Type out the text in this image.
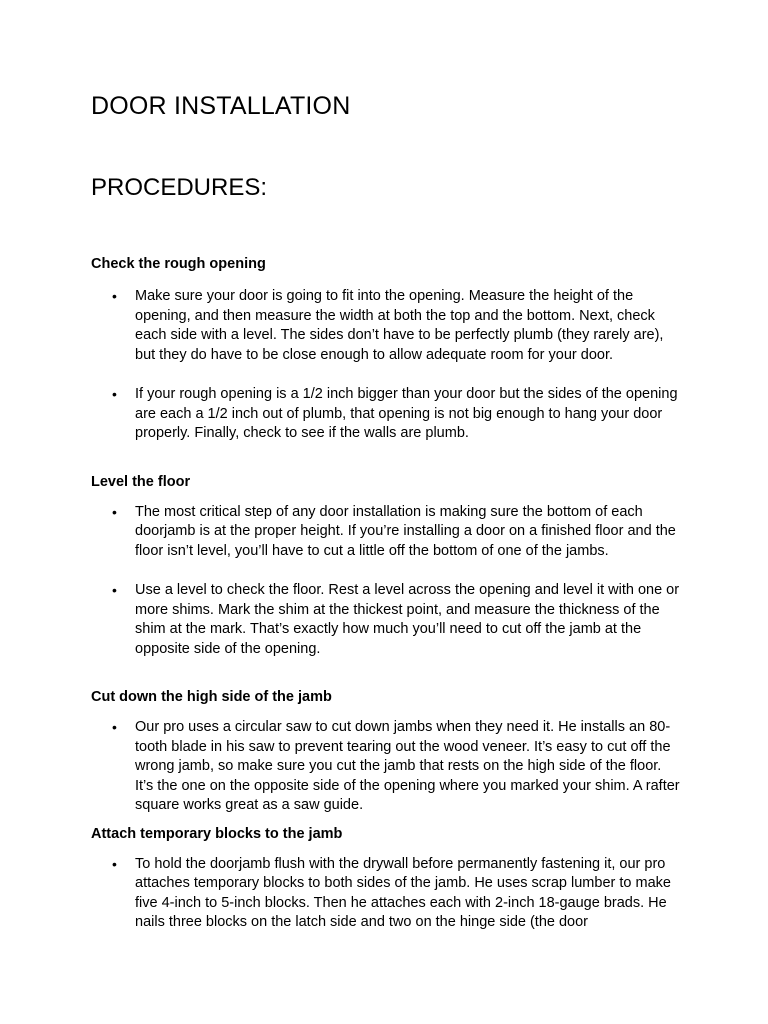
DOOR INSTALLATION
PROCEDURES:
Check the rough opening
• Make sure your door is going to fit into the opening. Measure the height of the opening, and then measure the width at both the top and the bottom. Next, check each side with a level. The sides don’t have to be perfectly plumb (they rarely are), but they do have to be close enough to allow adequate room for your door.
• If your rough opening is a 1/2 inch bigger than your door but the sides of the opening are each a 1/2 inch out of plumb, that opening is not big enough to hang your door properly. Finally, check to see if the walls are plumb.
Level the floor
• The most critical step of any door installation is making sure the bottom of each doorjamb is at the proper height. If you’re installing a door on a finished floor and the floor isn’t level, you’ll have to cut a little off the bottom of one of the jambs.
• Use a level to check the floor. Rest a level across the opening and level it with one or more shims. Mark the shim at the thickest point, and measure the thickness of the shim at the mark. That’s exactly how much you’ll need to cut off the jamb at the opposite side of the opening.
Cut down the high side of the jamb
• Our pro uses a circular saw to cut down jambs when they need it. He installs an 80-tooth blade in his saw to prevent tearing out the wood veneer. It’s easy to cut off the wrong jamb, so make sure you cut the jamb that rests on the high side of the floor. It’s the one on the opposite side of the opening where you marked your shim. A rafter square works great as a saw guide.
Attach temporary blocks to the jamb
• To hold the doorjamb flush with the drywall before permanently fastening it, our pro attaches temporary blocks to both sides of the jamb. He uses scrap lumber to make five 4-inch to 5-inch blocks. Then he attaches each with 2-inch 18-gauge brads. He nails three blocks on the latch side and two on the hinge side (the door
